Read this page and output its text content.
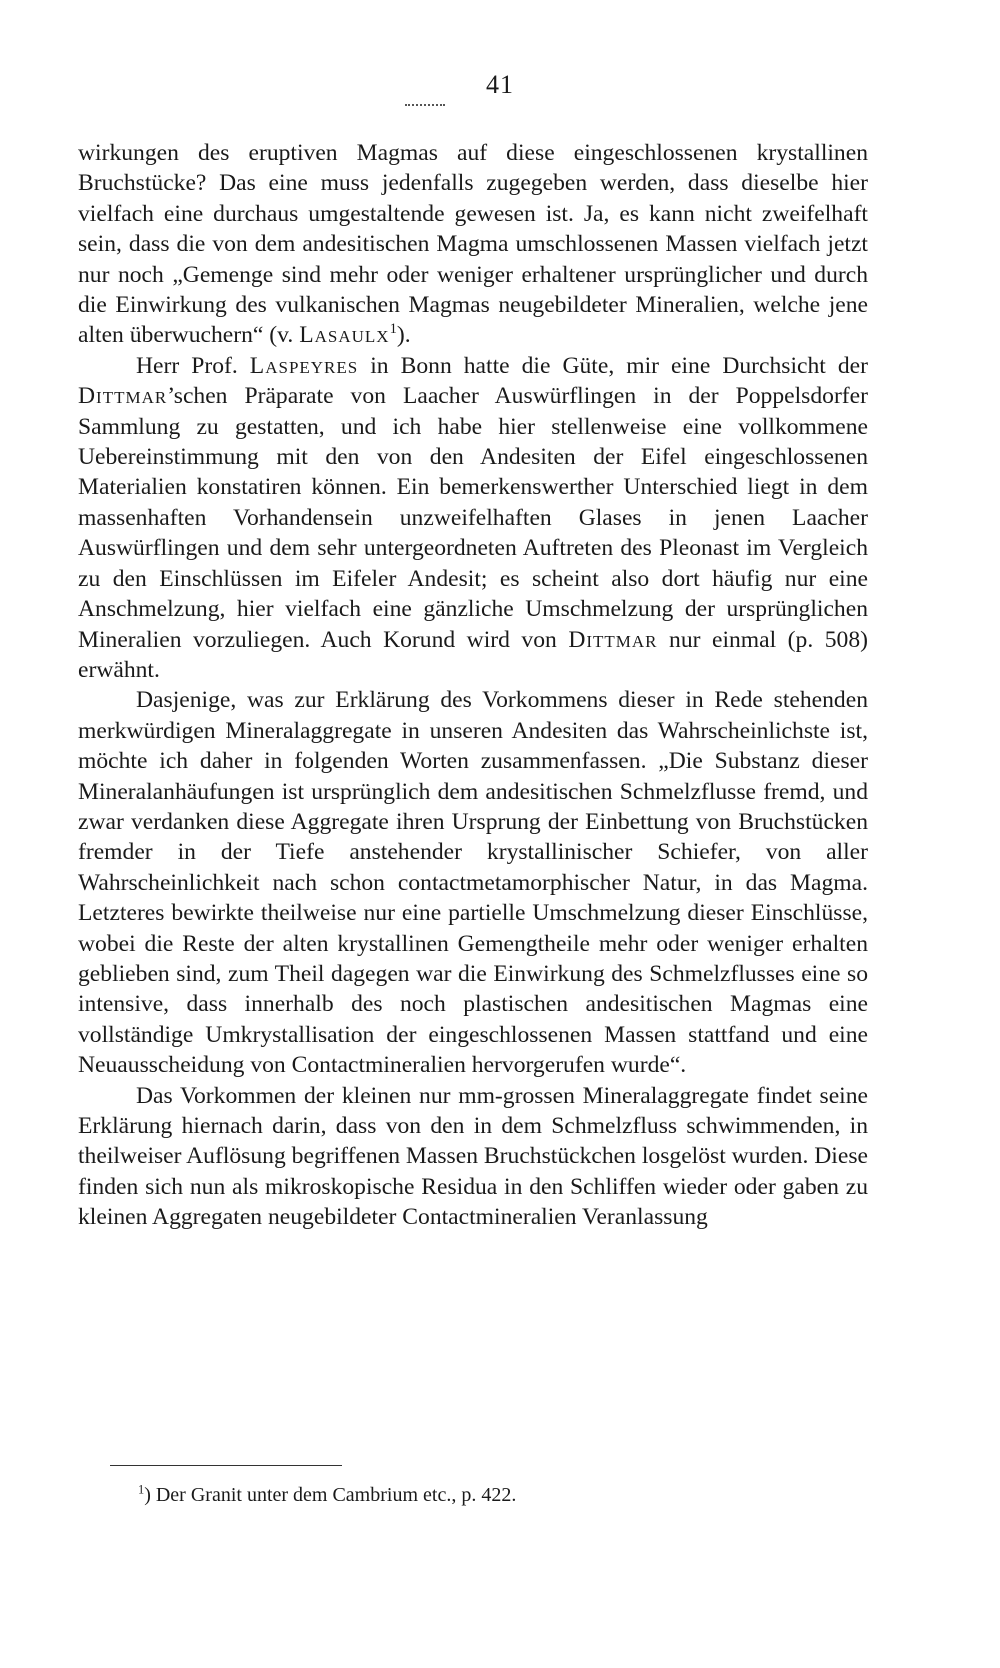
41

wirkungen des eruptiven Magmas auf diese eingeschlossenen krystallinen Bruchstücke? Das eine muss jedenfalls zugegeben werden, dass dieselbe hier vielfach eine durchaus umgestaltende gewesen ist. Ja, es kann nicht zweifelhaft sein, dass die von dem andesitischen Magma umschlossenen Massen vielfach jetzt nur noch „Gemenge sind mehr oder weniger erhaltener ursprünglicher und durch die Einwirkung des vulkanischen Magmas neugebildeter Mineralien, welche jene alten überwuchern“ (v. Lasaulx$^1$).

Herr Prof. Laspeyres in Bonn hatte die Güte, mir eine Durchsicht der Dittmar’schen Präparate von Laacher Auswürflingen in der Poppelsdorfer Sammlung zu gestatten, und ich habe hier stellenweise eine vollkommene Uebereinstimmung mit den von den Andesiten der Eifel eingeschlossenen Materialien konstatiren können. Ein bemerkenswerther Unterschied liegt in dem massenhaften Vorhandensein unzweifelhaften Glases in jenen Laacher Auswürflingen und dem sehr untergeordneten Auftreten des Pleonast im Vergleich zu den Einschlüssen im Eifeler Andesit; es scheint also dort häufig nur eine Anschmelzung, hier vielfach eine gänzliche Umschmelzung der ursprünglichen Mineralien vorzuliegen. Auch Korund wird von Dittmar nur einmal (p. 508) erwähnt.

Dasjenige, was zur Erklärung des Vorkommens dieser in Rede stehenden merkwürdigen Mineralaggregate in unseren Andesiten das Wahrscheinlichste ist, möchte ich daher in folgenden Worten zusammenfassen. „Die Substanz dieser Mineralanhäufungen ist ursprünglich dem andesitischen Schmelzflusse fremd, und zwar verdanken diese Aggregate ihren Ursprung der Einbettung von Bruchstücken fremder in der Tiefe anstehender krystallinischer Schiefer, von aller Wahrscheinlichkeit nach schon contactmetamorphischer Natur, in das Magma. Letzteres bewirkte theilweise nur eine partielle Umschmelzung dieser Einschlüsse, wobei die Reste der alten krystallinen Gemengtheile mehr oder weniger erhalten geblieben sind, zum Theil dagegen war die Einwirkung des Schmelzflusses eine so intensive, dass innerhalb des noch plastischen andesitischen Magmas eine vollständige Umkrystallisation der eingeschlossenen Massen stattfand und eine Neuausscheidung von Contactmineralien hervorgerufen wurde“.

Das Vorkommen der kleinen nur mm-grossen Mineralaggregate findet seine Erklärung hiernach darin, dass von den in dem Schmelzfluss schwimmenden, in theilweiser Auflösung begriffenen Massen Bruchstückchen losgelöst wurden. Diese finden sich nun als mikroskopische Residua in den Schliffen wieder oder gaben zu kleinen Aggregaten neugebildeter Contactmineralien Veranlassung

$^1$) Der Granit unter dem Cambrium etc., p. 422.
